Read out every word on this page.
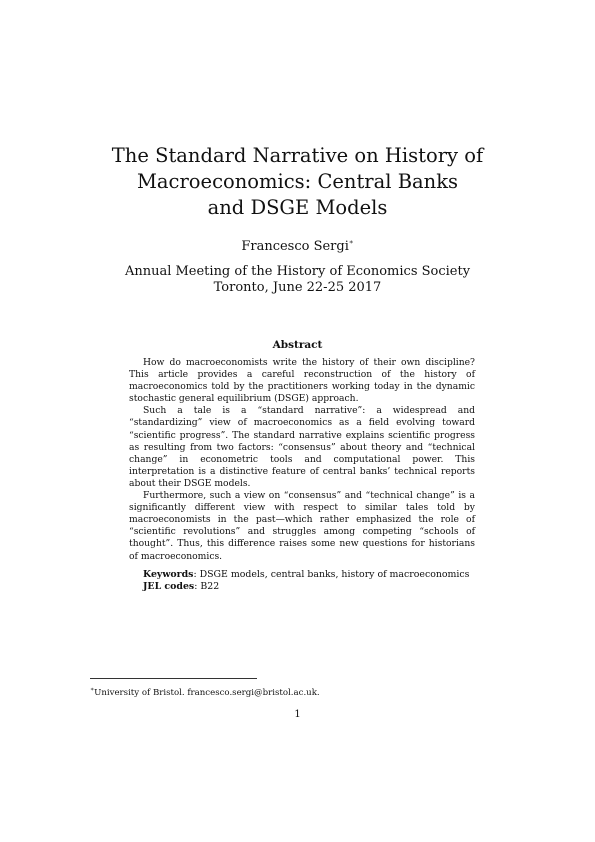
The Standard Narrative on History of
Macroeconomics: Central Banks
and DSGE Models
Francesco Sergi∗
Annual Meeting of the History of Economics Society
Toronto, June 22-25 2017
Abstract

How do macroeconomists write the history of their own discipline? This article provides a careful reconstruction of the history of macroeconomics told by the practitioners working today in the dynamic stochastic general equilibrium (DSGE) approach.

Such a tale is a “standard narrative”: a widespread and “standardizing” view of macroeconomics as a field evolving toward “scientific progress”. The standard narrative explains scientific progress as resulting from two factors: “consensus” about theory and “technical change” in econometric tools and computational power. This interpretation is a distinctive feature of central banks’ technical reports about their DSGE models.

Furthermore, such a view on “consensus” and “technical change” is a significantly different view with respect to similar tales told by macroeconomists in the past—which rather emphasized the role of “scientific revolutions” and struggles among competing “schools of thought”. Thus, this difference raises some new questions for historians of macroeconomics.

Keywords: DSGE models, central banks, history of macroeconomics
JEL codes: B22
∗University of Bristol. francesco.sergi@bristol.ac.uk.
1
